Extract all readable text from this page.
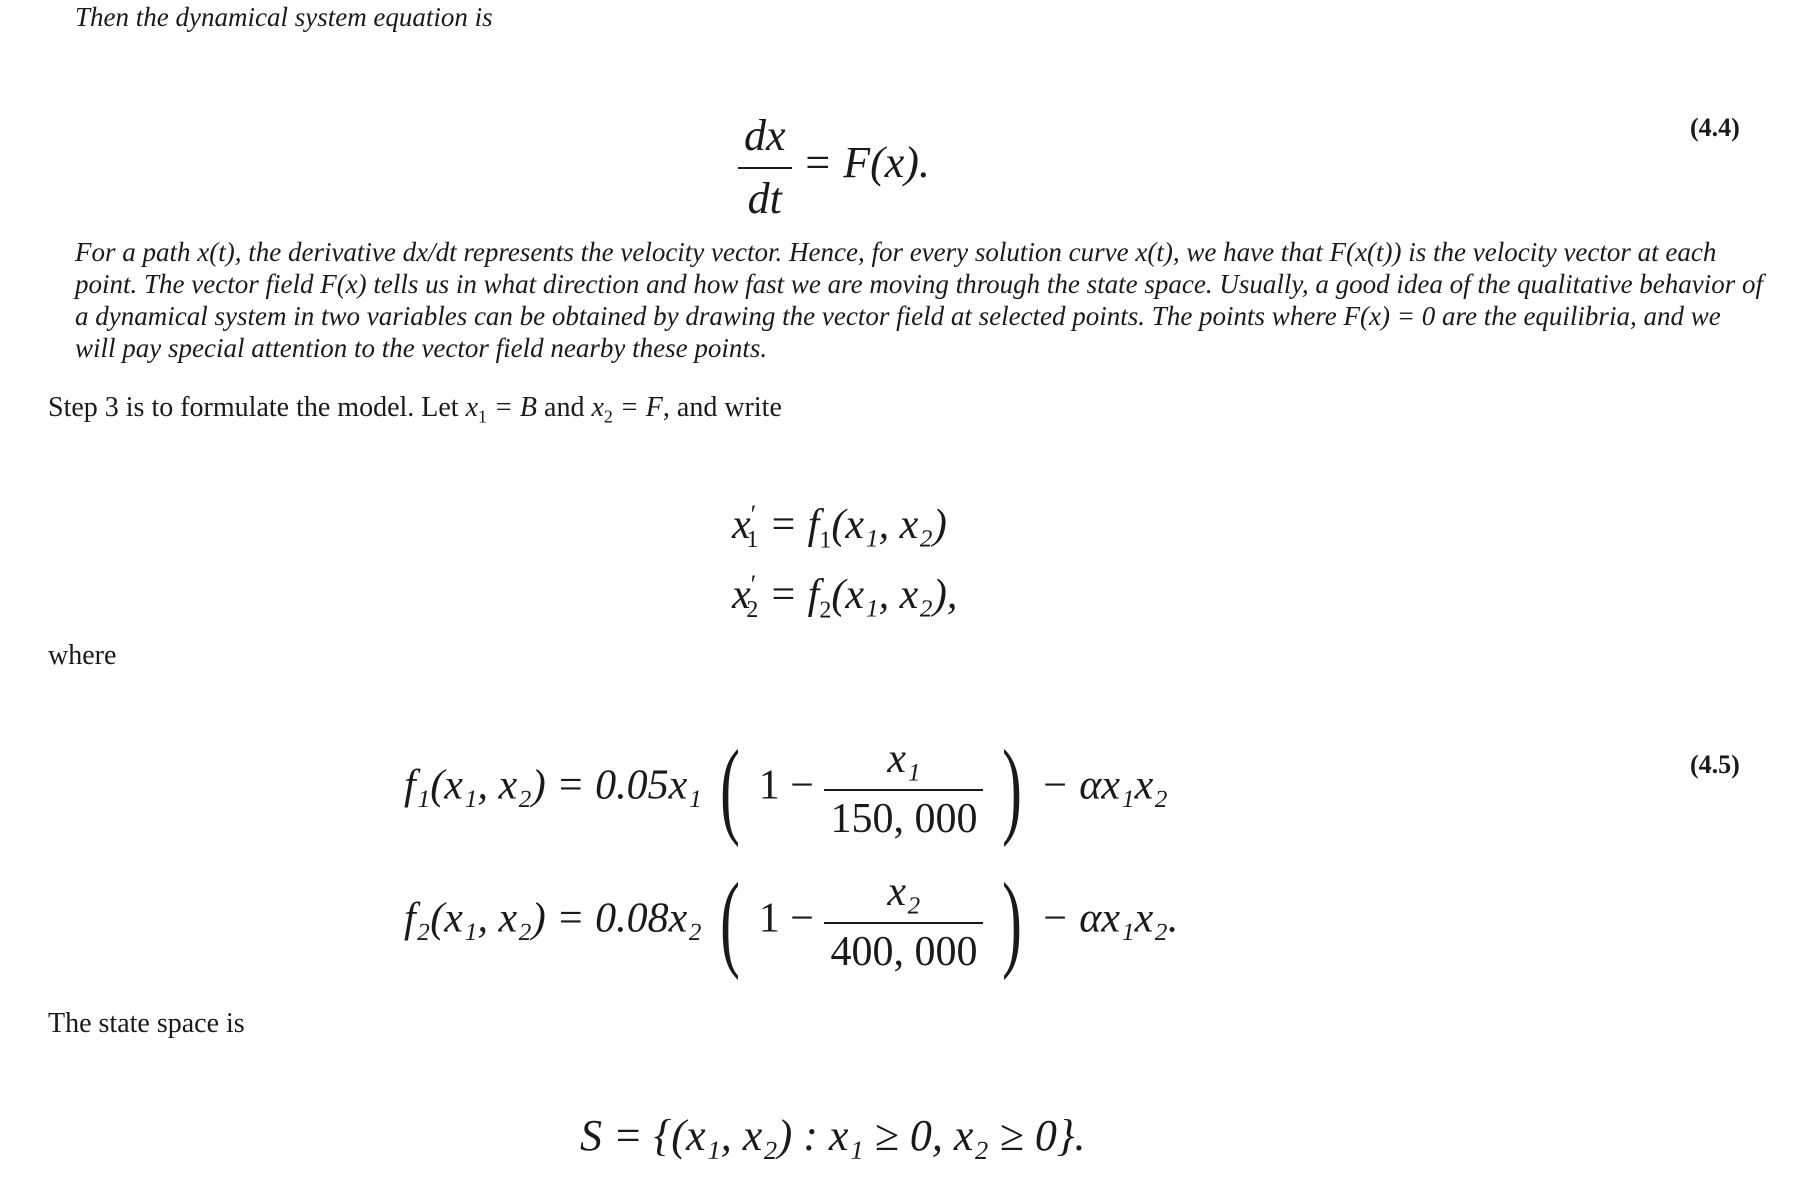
Then the dynamical system equation is
$\frac{dx}{dt} = F(x)$.
(4.4)
For a path x(t), the derivative dx/dt represents the velocity vector. Hence, for every solution curve x(t), we have that F(x(t)) is the velocity vector at each point. The vector field F(x) tells us in what direction and how fast we are moving through the state space. Usually, a good idea of the qualitative behavior of a dynamical system in two variables can be obtained by drawing the vector field at selected points. The points where F(x) = 0 are the equilibria, and we will pay special attention to the vector field nearby these points.
Step 3 is to formulate the model. Let $x_1 = B$ and $x_2 = F$, and write
$x'_1 = f_1(x_1$, x₂)
$x'_2 = f_2(x_1$, x₂),
where
(4.5)
f₁(x₁, x₂) = 0.05x₁ ( $1 - \frac{\text{x₁}}{150, 000}$ ) − αx₁x₂
f₂(x₁, x₂) = 0.08x₂ ( $1 - \frac{\text{x₂}}{400, 000}$ ) − αx₁x₂.
The state space is
S = {(x₁, x₂) : x₁ ≥ 0, x₂ ≥ 0}.
